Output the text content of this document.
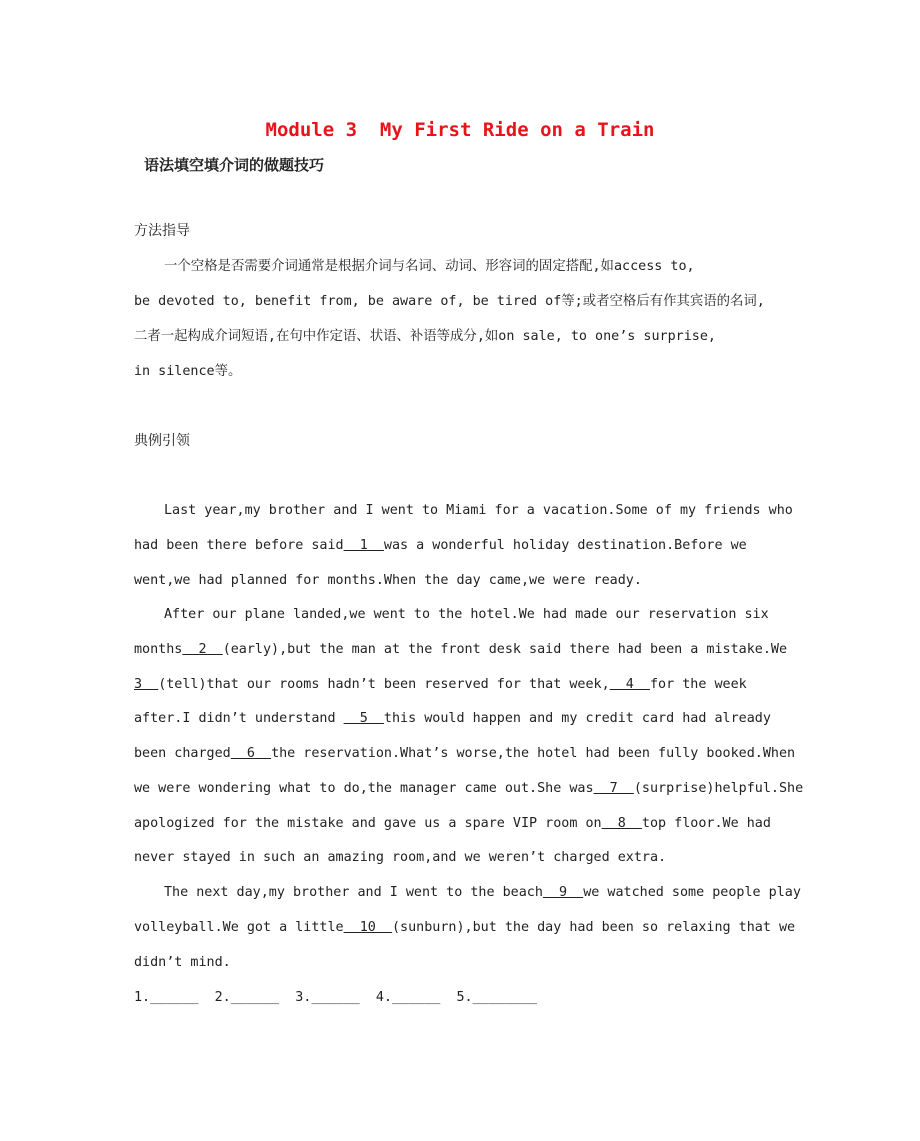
Module 3  My First Ride on a Train

语法填空填介词的做题技巧

方法指导

一个空格是否需要介词通常是根据介词与名词、动词、形容词的固定搭配,如access to,

be devoted to, benefit from, be aware of, be tired of等;或者空格后有作其宾语的名词,

二者一起构成介词短语,在句中作定语、状语、补语等成分,如on sale, to one’s surprise,

in silence等。

典例引领

Last year,my brother and I went to Miami for a vacation.Some of my friends who

had been there before said  1  was a wonderful holiday destination.Before we

went,we had planned for months.When the day came,we were ready.

After our plane landed,we went to the hotel.We had made our reservation six

months  2  (early),but the man at the front desk said there had been a mistake.We

3  (tell)that our rooms hadn’t been reserved for that week,  4  for the week

after.I didn’t understand   5  this would happen and my credit card had already

been charged  6  the reservation.What’s worse,the hotel had been fully booked.When

we were wondering what to do,the manager came out.She was  7  (surprise)helpful.She

apologized for the mistake and gave us a spare VIP room on  8  top floor.We had

never stayed in such an amazing room,and we weren’t charged extra.

The next day,my brother and I went to the beach  9  we watched some people play

volleyball.We got a little  10  (sunburn),but the day had been so relaxing that we

didn’t mind.

1.______  2.______  3.______  4.______  5.________
